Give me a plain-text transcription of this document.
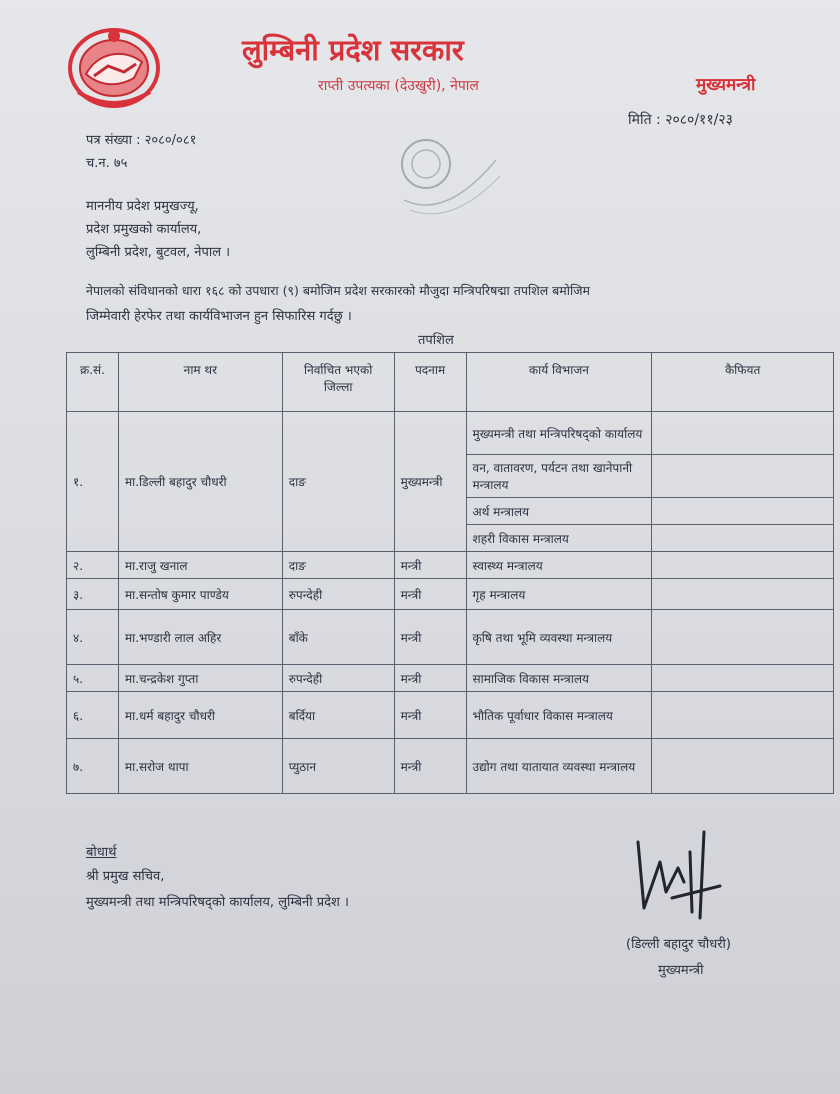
लुम्बिनी प्रदेश सरकार
राप्ती उपत्यका (देउखुरी), नेपाल	मुख्यमन्त्री
मिति : २०८०/११/२३
पत्र संख्या : २०८०/०८१
च.न. ७५
माननीय प्रदेश प्रमुखज्यू,
प्रदेश प्रमुखको कार्यालय,
लुम्बिनी प्रदेश, बुटवल, नेपाल ।
नेपालको संविधानको धारा १६८ को उपधारा (९) बमोजिम प्रदेश सरकारको मौजुदा मन्त्रिपरिषद्मा तपशिल बमोजिम
जिम्मेवारी हेरफेर तथा कार्यविभाजन हुन सिफारिस गर्दछु ।
तपशिल
क्र.सं.	नाम थर	निर्वाचित भएको जिल्ला	पदनाम	कार्य विभाजन	कैफियत
१.	मा.डिल्ली बहादुर चौधरी	दाङ	मुख्यमन्त्री	मुख्यमन्त्री तथा मन्त्रिपरिषद्को कार्यालय	
				वन, वातावरण, पर्यटन तथा खानेपानी मन्त्रालय	
				अर्थ मन्त्रालय	
				शहरी विकास मन्त्रालय	
२.	मा.राजु खनाल	दाङ	मन्त्री	स्वास्थ्य मन्त्रालय	
३.	मा.सन्तोष कुमार पाण्डेय	रुपन्देही	मन्त्री	गृह मन्त्रालय	
४.	मा.भण्डारी लाल अहिर	बाँके	मन्त्री	कृषि तथा भूमि व्यवस्था मन्त्रालय	
५.	मा.चन्द्रकेश गुप्ता	रुपन्देही	मन्त्री	सामाजिक विकास मन्त्रालय	
६.	मा.धर्म बहादुर चौधरी	बर्दिया	मन्त्री	भौतिक पूर्वाधार विकास मन्त्रालय	
७.	मा.सरोज थापा	प्युठान	मन्त्री	उद्योग तथा यातायात व्यवस्था मन्त्रालय	
बोधार्थ
श्री प्रमुख सचिव,
मुख्यमन्त्री तथा मन्त्रिपरिषद्को कार्यालय, लुम्बिनी प्रदेश ।
(डिल्ली बहादुर चौधरी)
मुख्यमन्त्री
